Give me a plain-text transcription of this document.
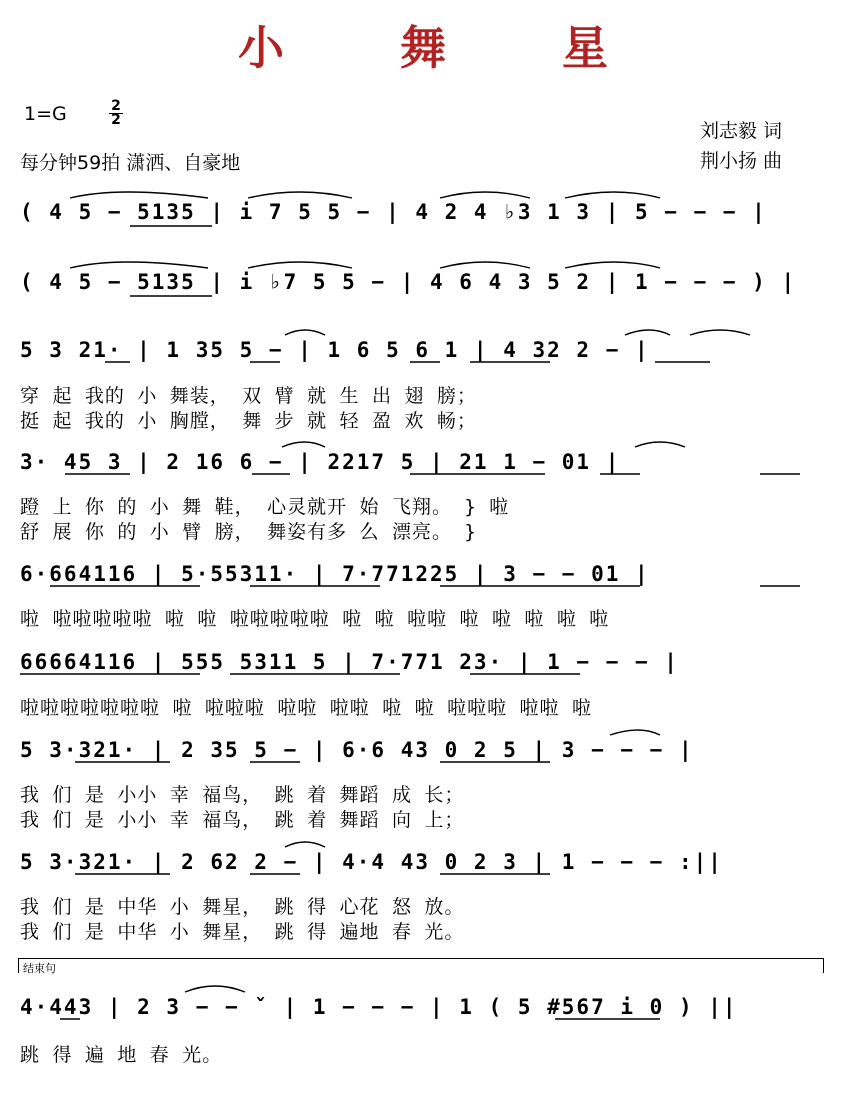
小 舞 星
1=G	2
2
每分钟59拍 潇洒、自豪地
刘志毅 词
荆小扬 曲
( 4 5 − 5135 | i 7 5 5 − | 4 2 4 ♭3 1 3 | 5 − − − |
( 4 5 − 5135 | i ♭7 5 5 − | 4 6 4 3 5 2 | 1 − − − ) |
5 3 21· | 1 35 5 − | 1 6 5 6 1 | 4 32 2 − |
穿 起 我的 小 舞装， 双 臂 就 生 出 翅 膀；
挺 起 我的 小 胸膛， 舞 步 就 轻 盈 欢 畅；
3· 45 3 | 2 16 6 − | 2217 5 | 21 1 − 01 |
蹬 上 你 的 小 舞 鞋， 心灵就开 始 飞翔。 } 啦
舒 展 你 的 小 臂 膀， 舞姿有多 么 漂亮。 }
6·664116 | 5·55311· | 7·771225 | 3 − − 01 |
啦 啦啦啦啦啦 啦 啦 啦啦啦啦啦 啦 啦 啦啦 啦 啦 啦 啦 啦
66664116 | 555 5311 5 | 7·771 23· | 1 − − − |
啦啦啦啦啦啦啦 啦 啦啦啦 啦啦 啦啦 啦 啦 啦啦啦 啦啦 啦
5 3·321· | 2 35 5 − | 6·6 43 0 2 5 | 3 − − − |
我 们 是 小小 幸 福鸟， 跳 着 舞蹈 成 长；
我 们 是 小小 幸 福鸟， 跳 着 舞蹈 向 上；
5 3·321· | 2 62 2 − | 4·4 43 0 2 3 | 1 − − − :||
我 们 是 中华 小 舞星， 跳 得 心花 怒 放。
我 们 是 中华 小 舞星， 跳 得 遍地 春 光。
4·443 | 2 3 − − ˇ | 1 − − − | 1 ( 5 #567 i 0 ) ||
跳 得 遍 地 春 光。
结束句
